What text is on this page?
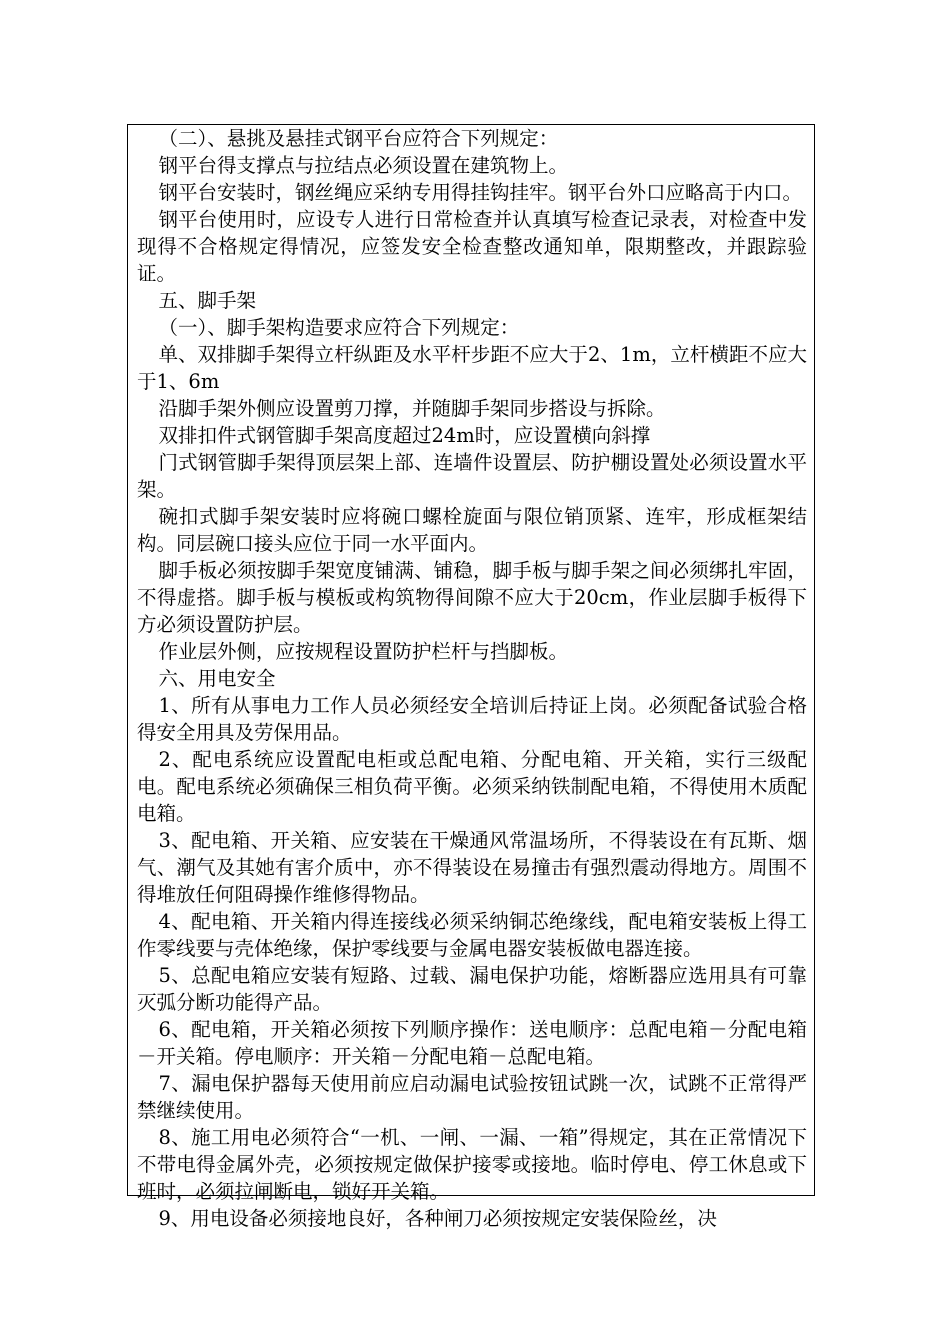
（二）、悬挑及悬挂式钢平台应符合下列规定：
钢平台得支撑点与拉结点必须设置在建筑物上。
钢平台安装时，钢丝绳应采纳专用得挂钩挂牢。钢平台外口应略高于内口。
钢平台使用时，应设专人进行日常检查并认真填写检查记录表，对检查中发现得不合格规定得情况，应签发安全检查整改通知单，限期整改，并跟踪验证。
五、脚手架
（一）、脚手架构造要求应符合下列规定：
单、双排脚手架得立杆纵距及水平杆步距不应大于2、1m，立杆横距不应大于1、6m
沿脚手架外侧应设置剪刀撑，并随脚手架同步搭设与拆除。
双排扣件式钢管脚手架高度超过24m时，应设置横向斜撑
门式钢管脚手架得顶层架上部、连墙件设置层、防护棚设置处必须设置水平架。
碗扣式脚手架安装时应将碗口螺栓旋面与限位销顶紧、连牢，形成框架结构。同层碗口接头应位于同一水平面内。
脚手板必须按脚手架宽度铺满、铺稳，脚手板与脚手架之间必须绑扎牢固，不得虚搭。脚手板与模板或构筑物得间隙不应大于20cm，作业层脚手板得下方必须设置防护层。
作业层外侧，应按规程设置防护栏杆与挡脚板。
六、用电安全
1、所有从事电力工作人员必须经安全培训后持证上岗。必须配备试验合格得安全用具及劳保用品。
2、配电系统应设置配电柜或总配电箱、分配电箱、开关箱，实行三级配电。配电系统必须确保三相负荷平衡。必须采纳铁制配电箱，不得使用木质配电箱。
3、配电箱、开关箱、应安装在干燥通风常温场所，不得装设在有瓦斯、烟气、潮气及其她有害介质中，亦不得装设在易撞击有强烈震动得地方。周围不得堆放任何阻碍操作维修得物品。
4、配电箱、开关箱内得连接线必须采纳铜芯绝缘线，配电箱安装板上得工作零线要与壳体绝缘，保护零线要与金属电器安装板做电器连接。
5、总配电箱应安装有短路、过载、漏电保护功能，熔断器应选用具有可靠灭弧分断功能得产品。
6、配电箱，开关箱必须按下列顺序操作：送电顺序：总配电箱－分配电箱－开关箱。停电顺序：开关箱－分配电箱－总配电箱。
7、漏电保护器每天使用前应启动漏电试验按钮试跳一次，试跳不正常得严禁继续使用。
8、施工用电必须符合“一机、一闸、一漏、一箱”得规定，其在正常情况下不带电得金属外壳，必须按规定做保护接零或接地。临时停电、停工休息或下班时，必须拉闸断电，锁好开关箱。
9、用电设备必须接地良好，各种闸刀必须按规定安装保险丝，决
